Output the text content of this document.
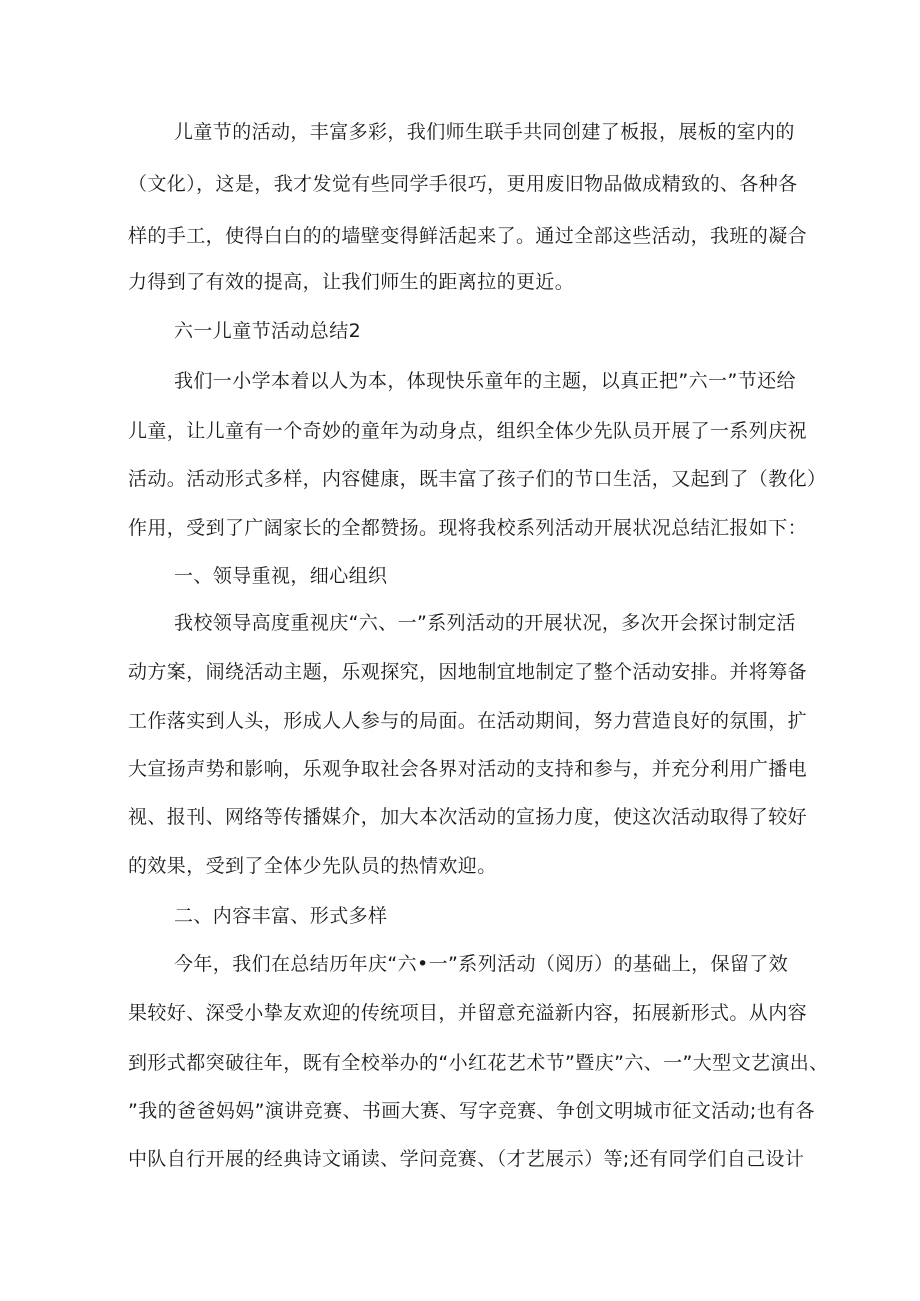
儿童节的活动，丰富多彩，我们师生联手共同创建了板报，展板的室内的
（文化），这是，我才发觉有些同学手很巧，更用废旧物品做成精致的、各种各
样的手工，使得白白的的墙壁变得鲜活起来了。通过全部这些活动，我班的凝合
力得到了有效的提高，让我们师生的距离拉的更近。
六一儿童节活动总结2
我们一小学本着以人为本，体现快乐童年的主题，以真正把”六一”节还给
儿童，让儿童有一个奇妙的童年为动身点，组织全体少先队员开展了一系列庆祝
活动。活动形式多样，内容健康，既丰富了孩子们的节口生活，又起到了（教化）
作用，受到了广阔家长的全都赞扬。现将我校系列活动开展状况总结汇报如下：
一、领导重视，细心组织
我校领导高度重视庆“六、一”系列活动的开展状况，多次开会探讨制定活
动方案，闹绕活动主题，乐观探究，因地制宜地制定了整个活动安排。并将筹备
工作落实到人头，形成人人参与的局面。在活动期间，努力营造良好的氛围，扩
大宣扬声势和影响，乐观争取社会各界对活动的支持和参与，并充分利用广播电
视、报刊、网络等传播媒介，加大本次活动的宣扬力度，使这次活动取得了较好
的效果，受到了全体少先队员的热情欢迎。
二、内容丰富、形式多样
今年，我们在总结历年庆“六•一”系列活动（阅历）的基础上，保留了效
果较好、深受小挚友欢迎的传统项目，并留意充溢新内容，拓展新形式。从内容
到形式都突破往年，既有全校举办的“小红花艺术节”暨庆”六、一”大型文艺演出、
”我的爸爸妈妈”演讲竞赛、书画大赛、写字竞赛、争创文明城市征文活动;也有各
中队自行开展的经典诗文诵读、学问竞赛、（才艺展示）等;还有同学们自己设计
